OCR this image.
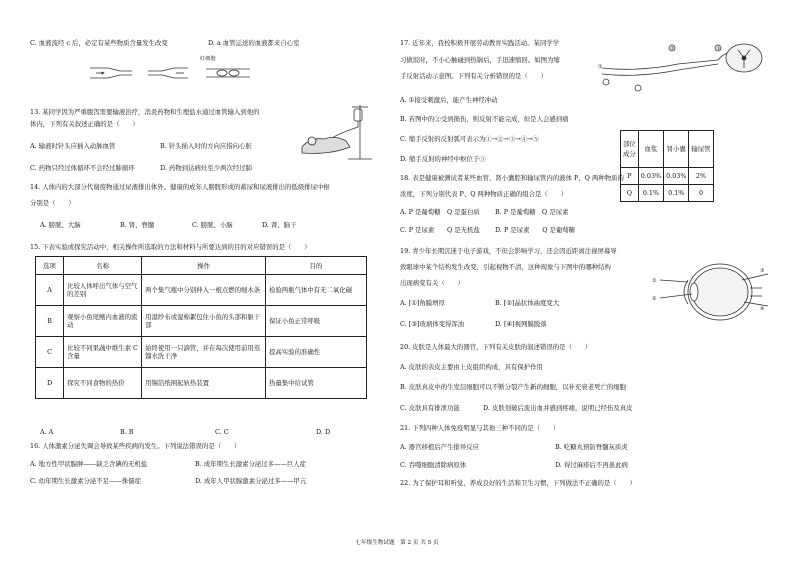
C. 血液流经 c 后，必定有某些物质含量发生改变	D. a 血管运送的血液都来自心室
红细胞
13. 某同学因为严重腹泻需要输液治疗，消炎药物和生理盐水通过血管输入到他的
体内，下列有关叙述正确的是（　　）
A. 输液时针头应插入动脉血管	B. 针头插入时的方向应指向心脏
C. 药物只经过体循环不会经过肺循环	D. 药物到达病灶至少两次经过肺
14. 人体内的大部分代谢废物通过尿液排出体外。健康的成年人膀胱形成的蓄尿和尿液排出的低级排尿中枢
分别是（　　）
A. 膀胱、大脑	B. 肾、脊髓	C. 膀胱、小脑	D. 肾、脑干
15. 下表实验或探究活动中，相关操作所选取的方法和材料与所要达到的目的对应错误的是（　　）
选项	名称	操作	目的
A	比较人体呼出气体与空气的差别	两个集气瓶中分别伸入一根点燃的细木条	检验两瓶气体中有无二氧化碳
B	观察小鱼尾鳍内血液的流动	用湿纱布或湿棉絮包住小鱼的头部和躯干部	保证小鱼正常呼吸
C	比较不同果蔬中维生素 C 含量	始终使用一只滴管，并在每次使用前用蒸馏水洗干净	提高实验的准确性
D	探究不同食物的热价	用锡箔纸围起轨热装置	热量集中给试管
A. A	B. B	C. C	D. D
16. 人体激素分泌失调会导致某些疾病的发生。下列说法错误的是（　　）
A. 地方性甲状腺肿——缺乏含碘的无机盐	B. 成年期生长激素分泌过多——巨人症
C. 幼年期生长激素分泌不足——侏儒症	D. 成年人甲状腺激素分泌过多——甲亢
17. 近年来，我校积极开展劳动教育实践活动。某同学学
习做饭时，不小心触碰到热锅后，手迅速缩回。如图为缩
手反射活动示意图。下列有关分析错误的是（　　）
②	③
①
A. ①接受刺激后，能产生神经冲动
B. 若图中的②受到损伤，则反射不能完成，但是人会感到痛
C. 缩手反射的反射弧可表示为①→②→③→④→⑤
D. 缩手反射的神经中枢位于③
部位
成分	血浆	肾小囊	输尿管
P	0.03%	0.03%	2%
Q	0.1%	0.1%	0
18. 表是健康被测试者某些血管、肾小囊腔和输尿管内的液体 P、Q 两种物质的
浓度，下列分别代表 P、Q 两种物质正确的组合是（　　）
A. P 是葡萄糖　Q 是蛋白质 B. P 是葡萄糖　Q 是尿素
C. P 是尿素　　Q 是无机盐 D. P 是尿素　　Q 是葡萄糖
19. 青少年长期沉迷于电子游戏，不但会影响学习，还会因近距离注视屏幕导
致眼球中某个结构发生改变，引起视物不清，这种现象与下图中的哪种结构
出现病变有关（　　）	①
②
③
④
A. [①]角膜增厚	B. [②]晶状体曲度变大
C. [③]玻璃体变得浑浊	D. [④]视网膜脱落
20. 皮肤是人体最大的器官，下列有关皮肤的叙述错误的是（　　）
A. 皮肤的表皮主要由上皮组织构成，具有保护作用
B. 皮肤真皮中的生发层细胞可以不断分裂产生新的细胞，以补充衰老死亡的细胞
C. 皮肤具有排泄功能	D. 皮肤划破后流出血并感到疼痛，说明已经伤及真皮
21. 下列四种人体免疫明显与其他三种不同的是（　　）
A. 器官移植后产生排异反应	B. 吃糖丸预防脊髓灰质炎
C. 吞噬细胞清除病原体	D. 得过麻疹后不再患此病
22. 为了保护耳和听觉，养成良好的生活和卫生习惯，下列做法不正确的是（　　）
七年级生物试题　第 2 页 共 5 页
